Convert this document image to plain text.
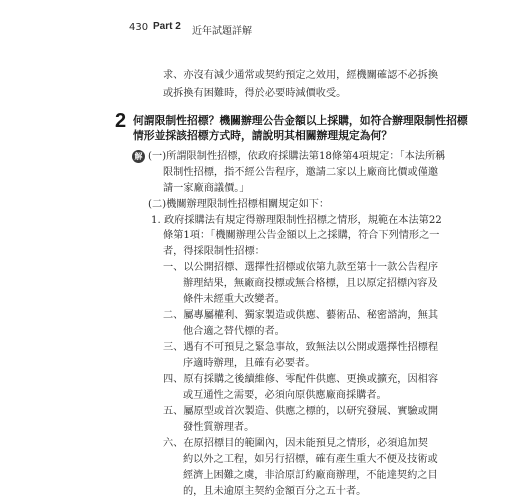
430 Part 2 近年試題詳解
求、亦沒有減少通常或契約預定之效用，經機關確認不必拆換
或拆換有困難時，得於必要時減價收受。
2 何謂限制性招標？機關辦理公告金額以上採購，如符合辦理限制性招標
情形並採該招標方式時，請說明其相關辦理規定為何？
解 (一)所謂限制性招標，依政府採購法第18條第4項規定：「本法所稱
限制性招標，指不經公告程序，邀請二家以上廠商比價或僅邀
請一家廠商議價。」
(二)機關辦理限制性招標相關規定如下：
1. 政府採購法有規定得辦理限制性招標之情形，規範在本法第22
條第1項：「機關辦理公告金額以上之採購，符合下列情形之一
者，得採限制性招標：
一、以公開招標、選擇性招標或依第九款至第十一款公告程序
辦理結果，無廠商投標或無合格標，且以原定招標內容及
條件未經重大改變者。
二、屬專屬權利、獨家製造或供應、藝術品、秘密諮詢，無其
他合適之替代標的者。
三、遇有不可預見之緊急事故，致無法以公開或選擇性招標程
序適時辦理，且確有必要者。
四、原有採購之後續維修、零配件供應、更換或擴充，因相容
或互通性之需要，必須向原供應廠商採購者。
五、屬原型或首次製造、供應之標的，以研究發展、實驗或開
發性質辦理者。
六、在原招標目的範圍內，因未能預見之情形，必須追加契
約以外之工程，如另行招標，確有產生重大不便及技術或
經濟上困難之虞，非洽原訂約廠商辦理，不能達契約之目
的，且未逾原主契約金額百分之五十者。
